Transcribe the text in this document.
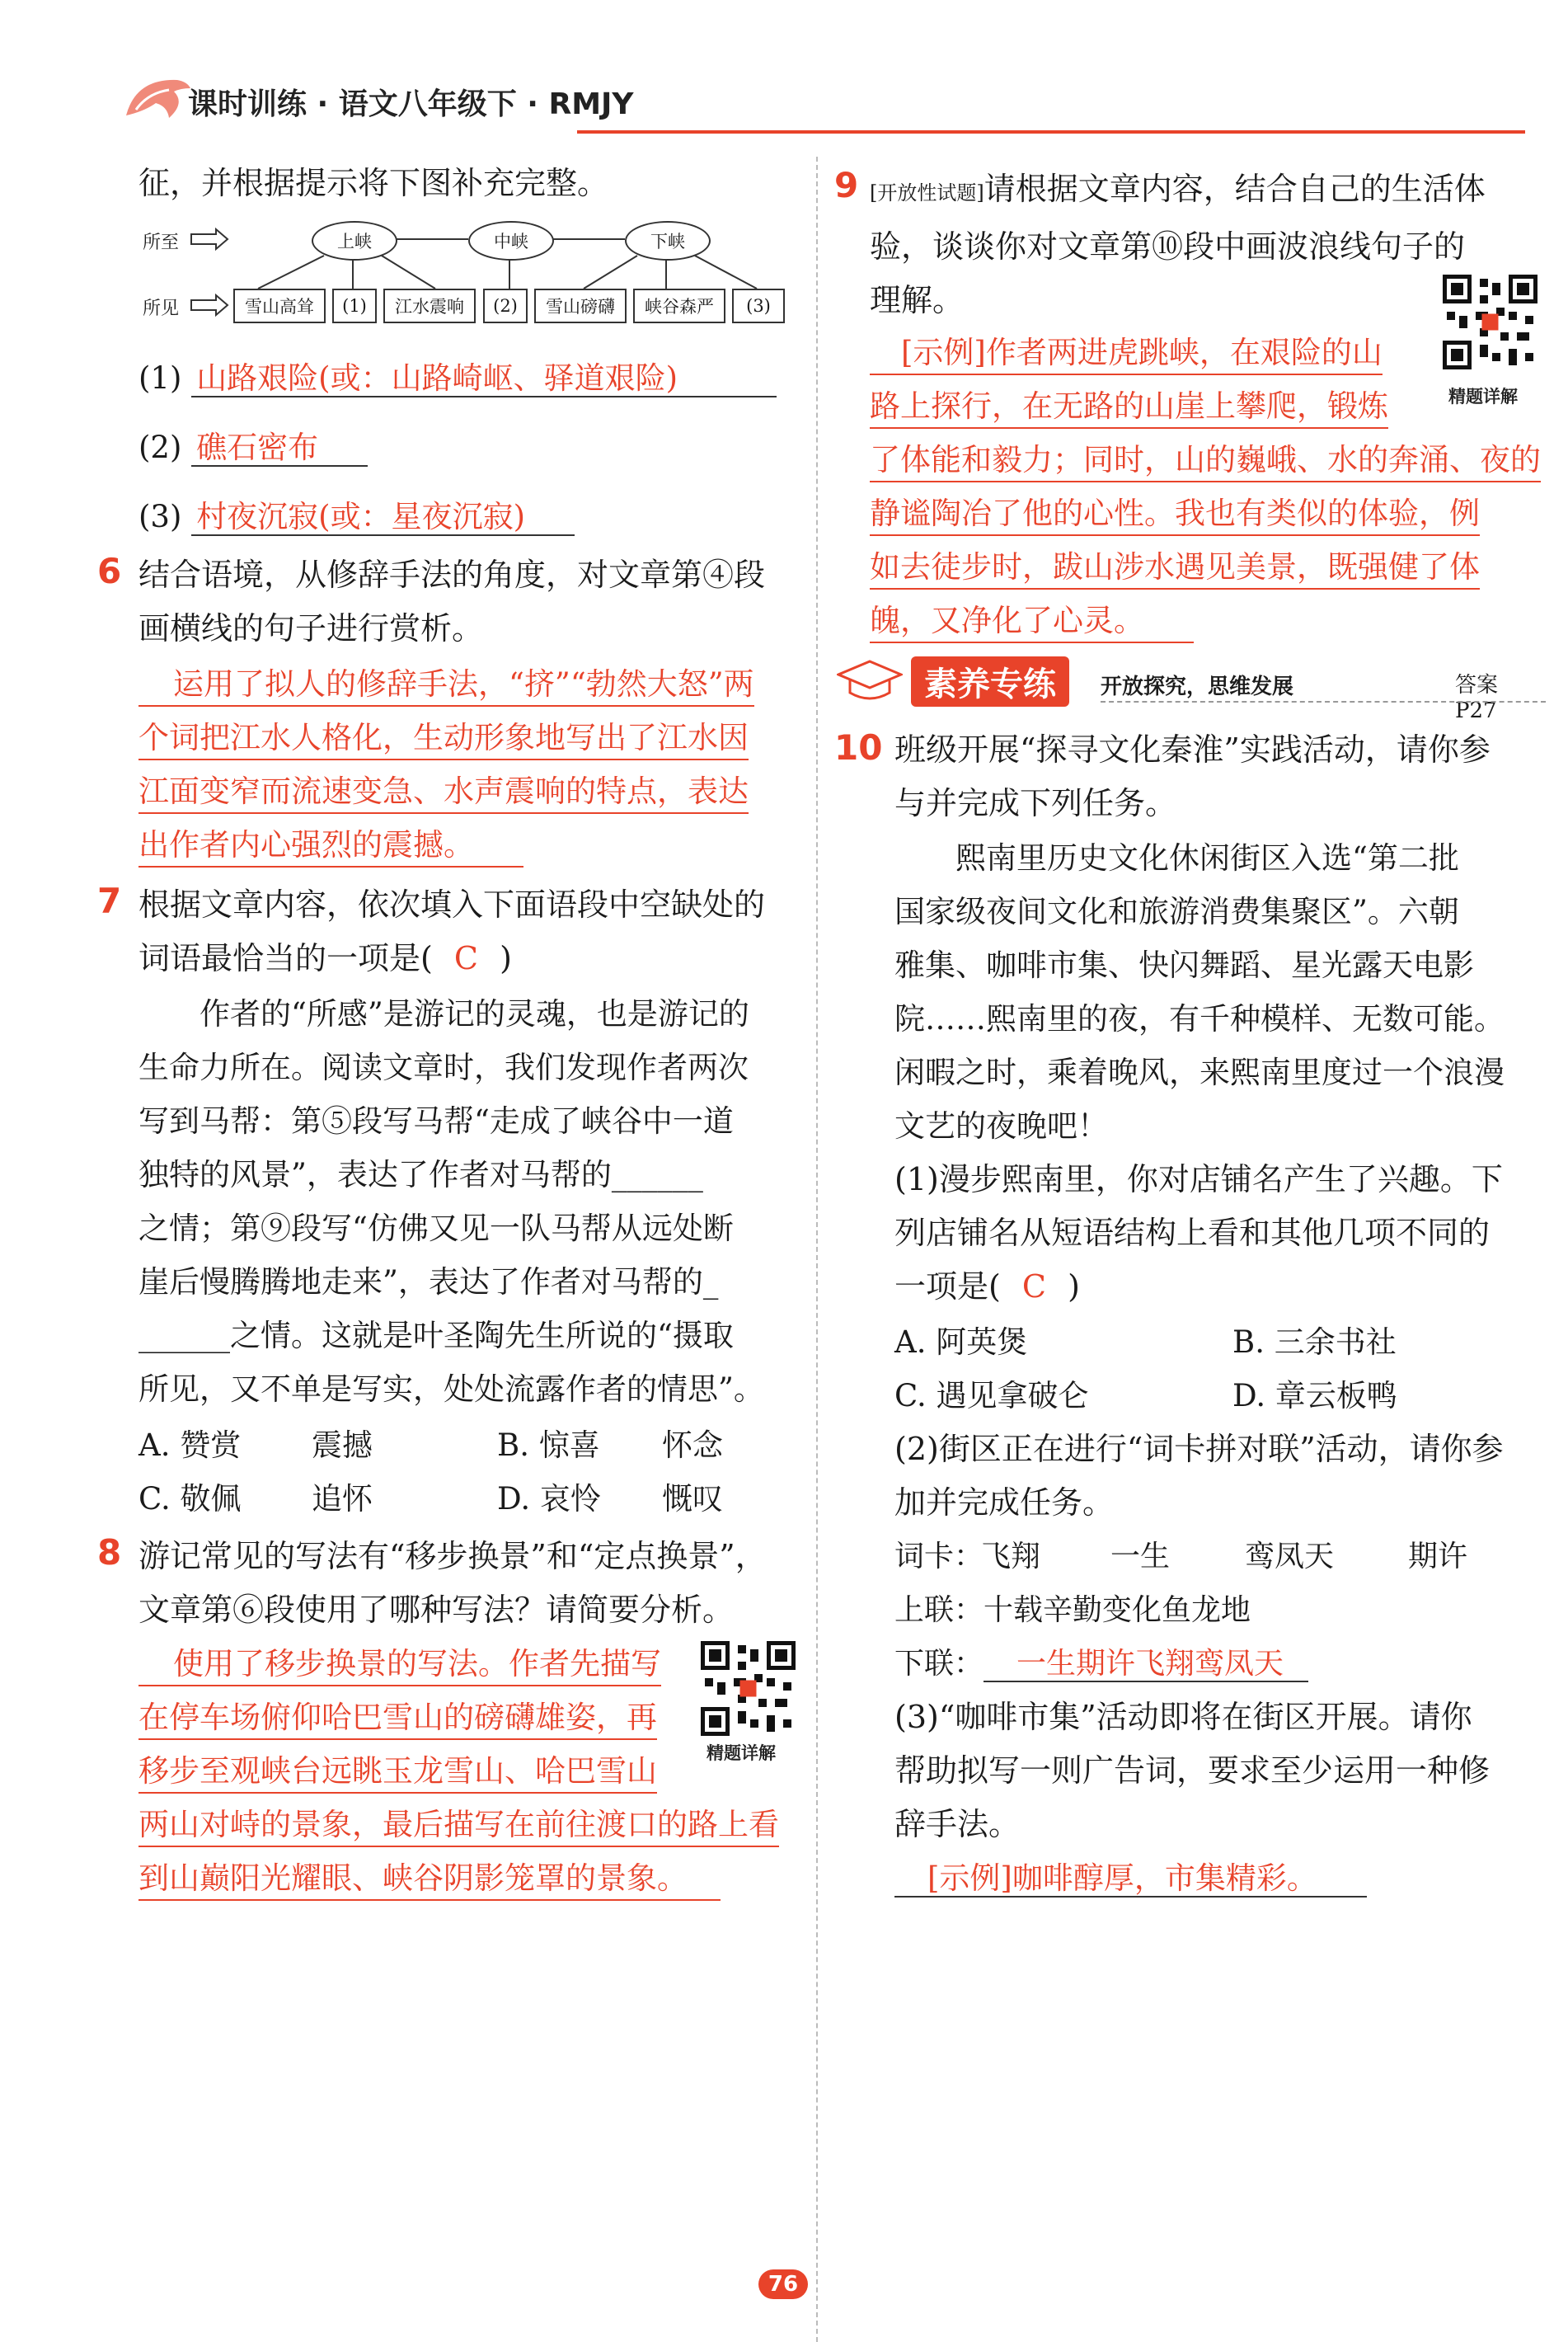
课时训练 · 语文八年级下 · RMJY

征，并根据提示将下图补充完整。

所至
所见
上峡	中峡	下峡
雪山高耸	(1)	江水震响	(2)	雪山磅礴	峡谷森严	(3)
(1) 山路艰险(或：山路崎岖、驿道艰险)
(2) 礁石密布
(3) 村夜沉寂(或：星夜沉寂)
6 结合语境，从修辞手法的角度，对文章第④段
画横线的句子进行赏析。

运用了拟人的修辞手法，“挤”“勃然大怒”两
个词把江水人格化，生动形象地写出了江水因
江面变窄而流速变急、水声震响的特点，表达
出作者内心强烈的震撼。
7 根据文章内容，依次填入下面语段中空缺处的
词语最恰当的一项是( C )

作者的“所感”是游记的灵魂，也是游记的
生命力所在。阅读文章时，我们发现作者两次
写到马帮：第⑤段写马帮“走成了峡谷中一道
独特的风景”，表达了作者对马帮的______
之情；第⑨段写“仿佛又见一队马帮从远处断
崖后慢腾腾地走来”，表达了作者对马帮的_
______之情。这就是叶圣陶先生所说的“摄取
所见，又不单是写实，处处流露作者的情思”。
A. 赞赏 震撼	B. 惊喜 怀念
C. 敬佩 追怀	D. 哀怜 慨叹
8 游记常见的写法有“移步换景”和“定点换景”，
文章第⑥段使用了哪种写法？请简要分析。

使用了移步换景的写法。作者先描写
在停车场俯仰哈巴雪山的磅礴雄姿，再
移步至观峡台远眺玉龙雪山、哈巴雪山
两山对峙的景象，最后描写在前往渡口的路上看
到山巅阳光耀眼、峡谷阴影笼罩的景象。
精题详解
9 [开放性试题]请根据文章内容，结合自己的生活体
验，谈谈你对文章第⑩段中画波浪线句子的
理解。

精题详解
[示例]作者两进虎跳峡，在艰险的山
路上探行，在无路的山崖上攀爬，锻炼
了体能和毅力；同时，山的巍峨、水的奔涌、夜的
静谧陶冶了他的心性。我也有类似的体验，例
如去徒步时，跋山涉水遇见美景，既强健了体
魄，又净化了心灵。
素养专练	开放探究，思维发展	答案 P27
10 班级开展“探寻文化秦淮”实践活动，请你参
与并完成下列任务。

熙南里历史文化休闲街区入选“第二批
国家级夜间文化和旅游消费集聚区”。六朝
雅集、咖啡市集、快闪舞蹈、星光露天电影
院……熙南里的夜，有千种模样、无数可能。
闲暇之时，乘着晚风，来熙南里度过一个浪漫
文艺的夜晚吧！

(1)漫步熙南里，你对店铺名产生了兴趣。下
列店铺名从短语结构上看和其他几项不同的
一项是( C )

A. 阿英煲	B. 三余书社
C. 遇见拿破仑	D. 章云板鸭

(2)街区正在进行“词卡拼对联”活动，请你参
加并完成任务。

词卡：
飞翔 一生	鸾凤天 期许
上联：十载辛勤变化鱼龙地
下联： 一生期许飞翔鸾凤天

(3)“咖啡市集”活动即将在街区开展。请你
帮助拟写一则广告词，要求至少运用一种修
辞手法。

[示例]咖啡醇厚，市集精彩。
76
